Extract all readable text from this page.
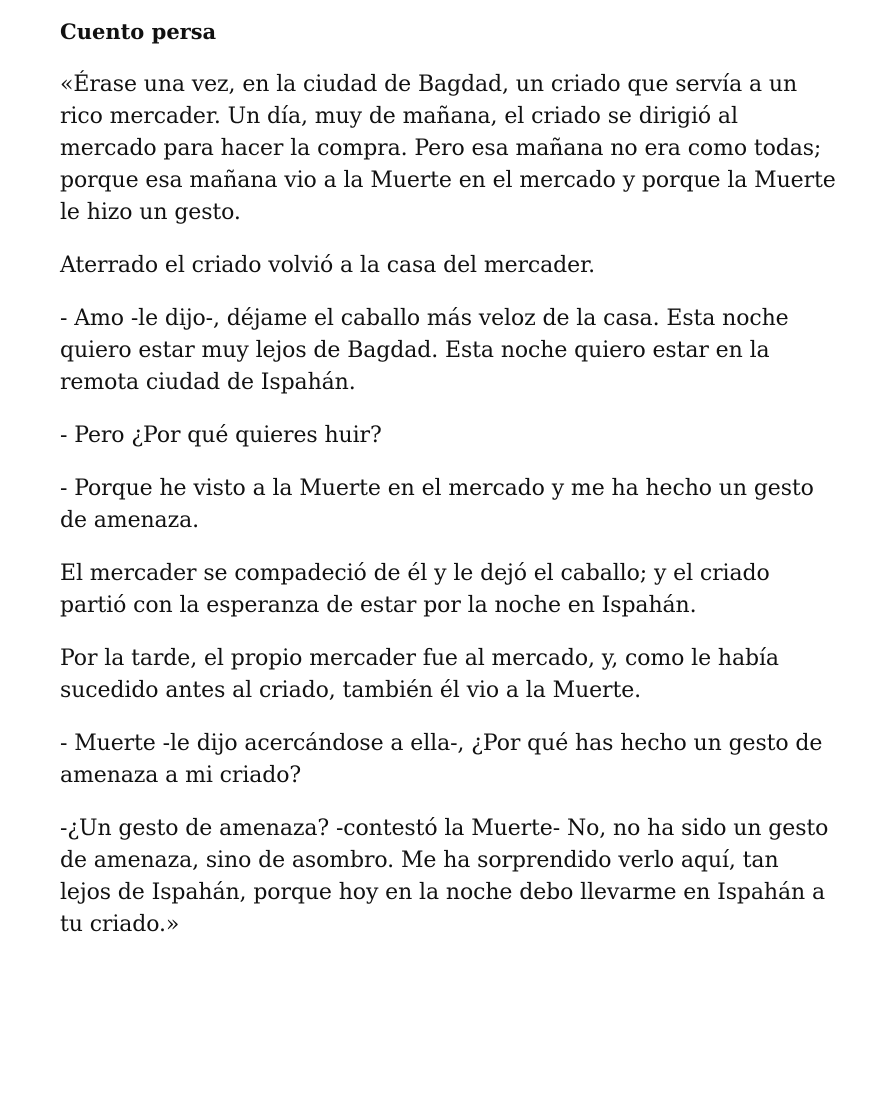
Cuento persa

«Érase una vez, en la ciudad de Bagdad, un criado que servía a un rico mercader. Un día, muy de mañana, el criado se dirigió al mercado para hacer la compra. Pero esa mañana no era como todas; porque esa mañana vio a la Muerte en el mercado y porque la Muerte le hizo un gesto.

Aterrado el criado volvió a la casa del mercader.

- Amo -le dijo-, déjame el caballo más veloz de la casa. Esta noche quiero estar muy lejos de Bagdad. Esta noche quiero estar en la remota ciudad de Ispahán.

- Pero ¿Por qué quieres huir?

- Porque he visto a la Muerte en el mercado y me ha hecho un gesto de amenaza.

El mercader se compadeció de él y le dejó el caballo; y el criado partió con la esperanza de estar por la noche en Ispahán.

Por la tarde, el propio mercader fue al mercado, y, como le había sucedido antes al criado, también él vio a la Muerte.

- Muerte -le dijo acercándose a ella-, ¿Por qué has hecho un gesto de amenaza a mi criado?

-¿Un gesto de amenaza? -contestó la Muerte- No, no ha sido un gesto de amenaza, sino de asombro. Me ha sorprendido verlo aquí, tan lejos de Ispahán, porque hoy en la noche debo llevarme en Ispahán a tu criado.»
